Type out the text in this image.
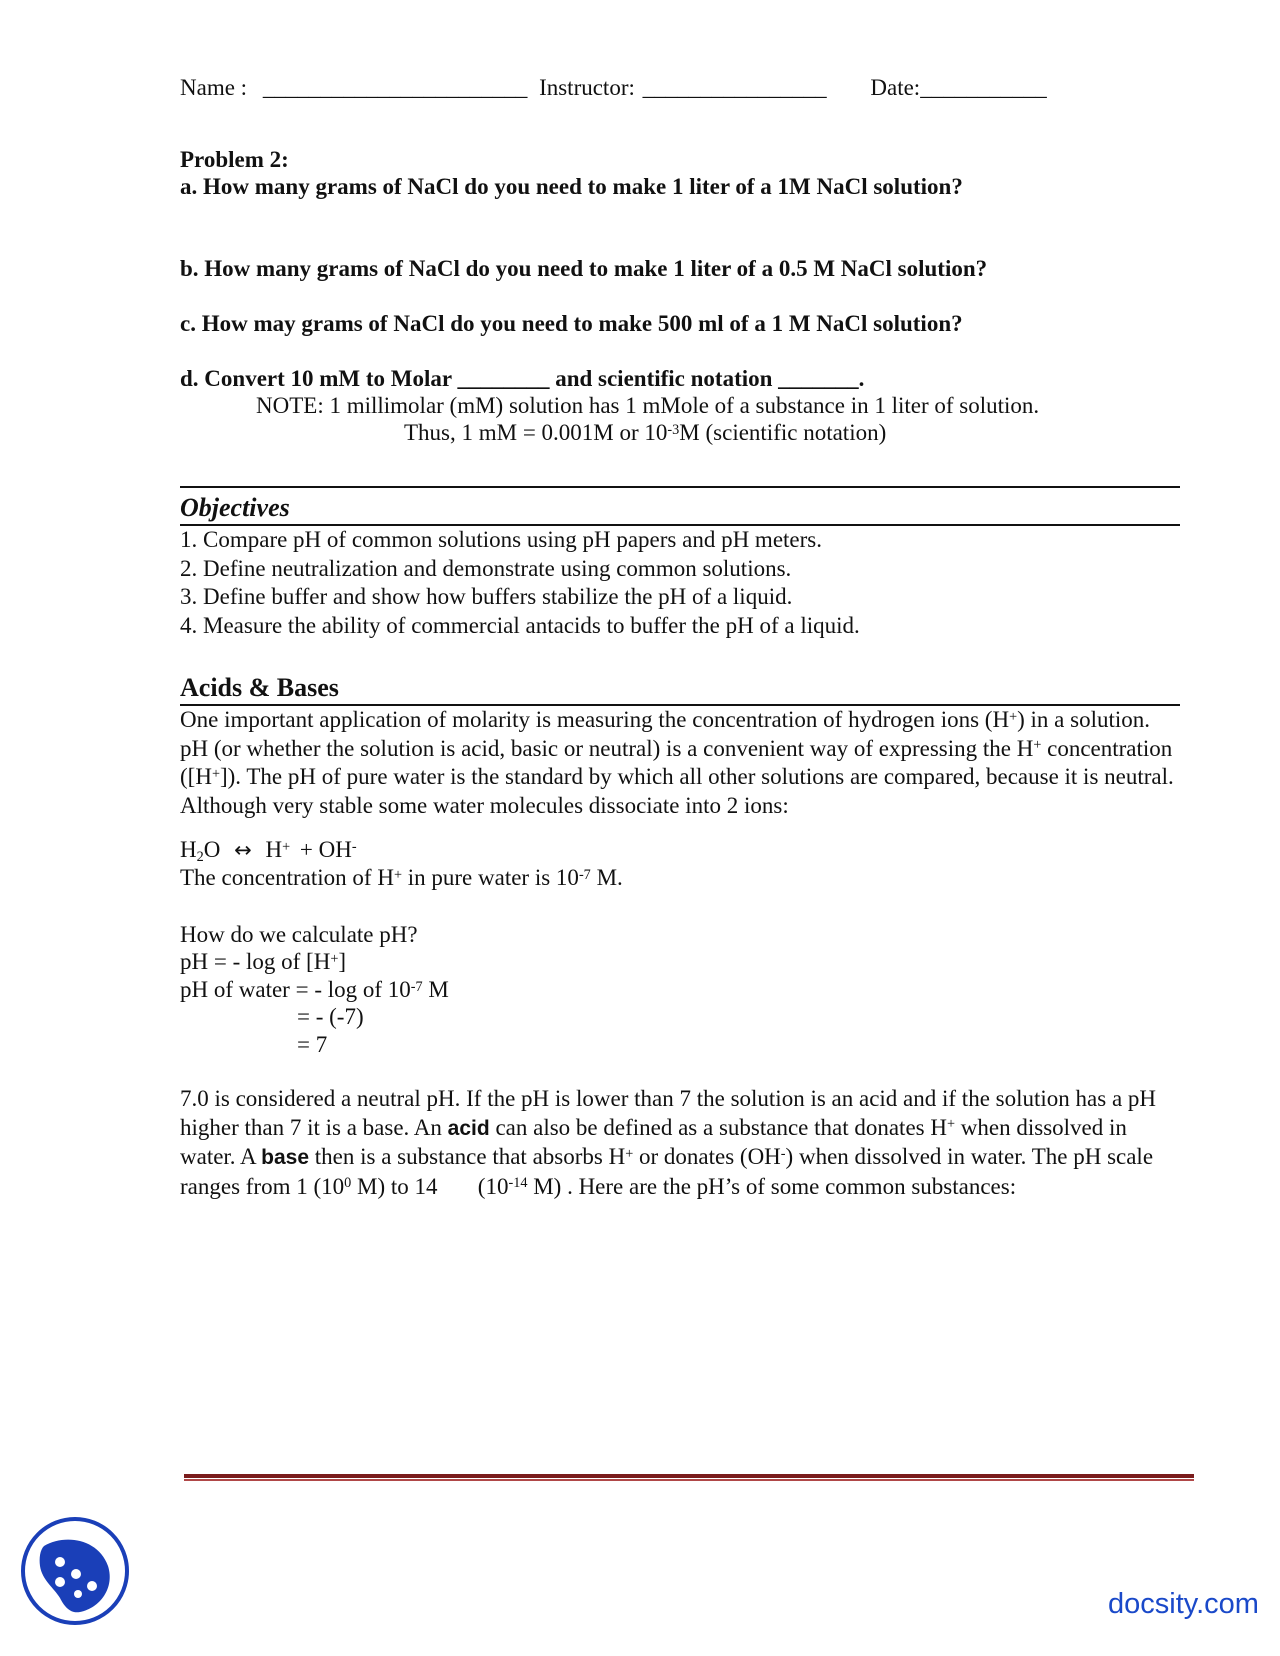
Name : _______________________ Instructor: ________________ Date:___________
Problem 2:
a. How many grams of NaCl do you need to make 1 liter of a 1M NaCl solution?
b. How many grams of NaCl do you need to make 1 liter of a 0.5 M NaCl solution?
c. How may grams of NaCl do you need to make 500 ml of a 1 M NaCl solution?
d. Convert 10 mM to Molar ________ and scientific notation _______.
NOTE: 1 millimolar (mM) solution has 1 mMole of a substance in 1 liter of solution.
Thus, 1 mM = 0.001M or $10^{-3}M$ (scientific notation)
Objectives
1. Compare pH of common solutions using pH papers and pH meters.
2. Define neutralization and demonstrate using common solutions.
3. Define buffer and show how buffers stabilize the pH of a liquid.
4. Measure the ability of commercial antacids to buffer the pH of a liquid.
Acids & Bases
One important application of molarity is measuring the concentration of hydrogen ions (H+) in a solution. pH (or whether the solution is acid, basic or neutral) is a convenient way of expressing the H+ concentration ([H+]). The pH of pure water is the standard by which all other solutions are compared, because it is neutral. Although very stable some water molecules dissociate into 2 ions:
$H_2O$ ↔ H+ + OH-
The concentration of H+ in pure water is $10^{-7}$ M.
How do we calculate pH?
pH = - log of [H+]
pH of water = - log of $10^{-7}$ M
= - (-7)
= 7
7.0 is considered a neutral pH. If the pH is lower than 7 the solution is an acid and if the solution has a pH higher than 7 it is a base. An acid can also be defined as a substance that donates H+ when dissolved in water. A base then is a substance that absorbs H+ or donates (OH-) when dissolved in water. The pH scale ranges from 1 ($10^0$ M) to 14       ($10^{-14}$ M) . Here are the pH’s of some common substances:
docsity.com
